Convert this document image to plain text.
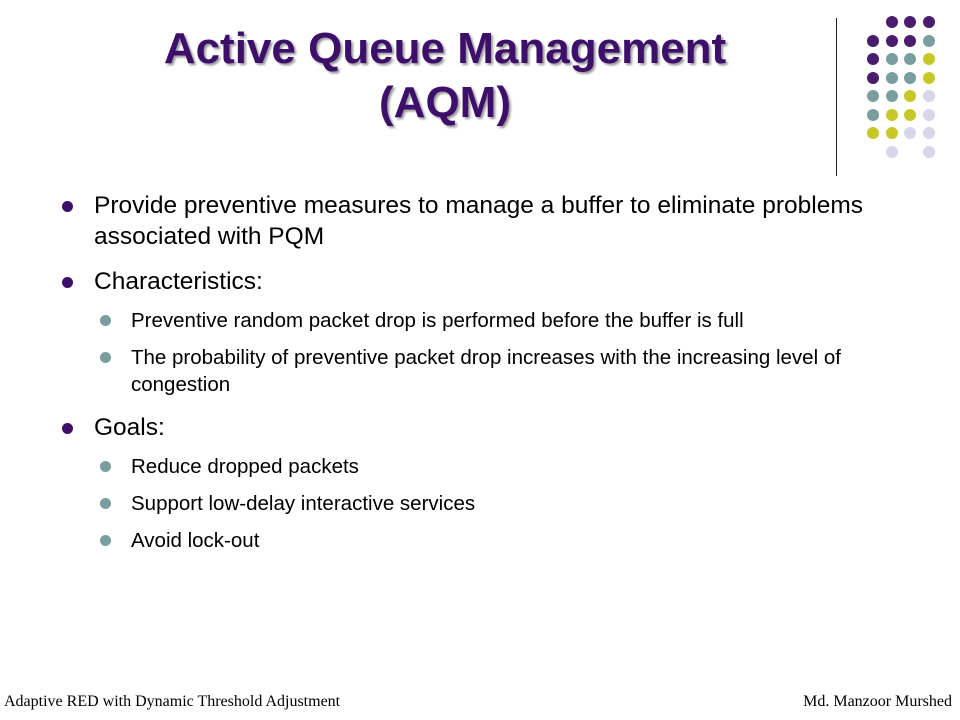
Active Queue Management
(AQM)
Provide preventive measures to manage a buffer to eliminate problems associated with PQM
Characteristics:
Preventive random packet drop is performed before the buffer is full
The probability of preventive packet drop increases with the increasing level of congestion
Goals:
Reduce dropped packets
Support low-delay interactive services
Avoid lock-out
Adaptive RED with Dynamic Threshold Adjustment	Md. Manzoor Murshed
